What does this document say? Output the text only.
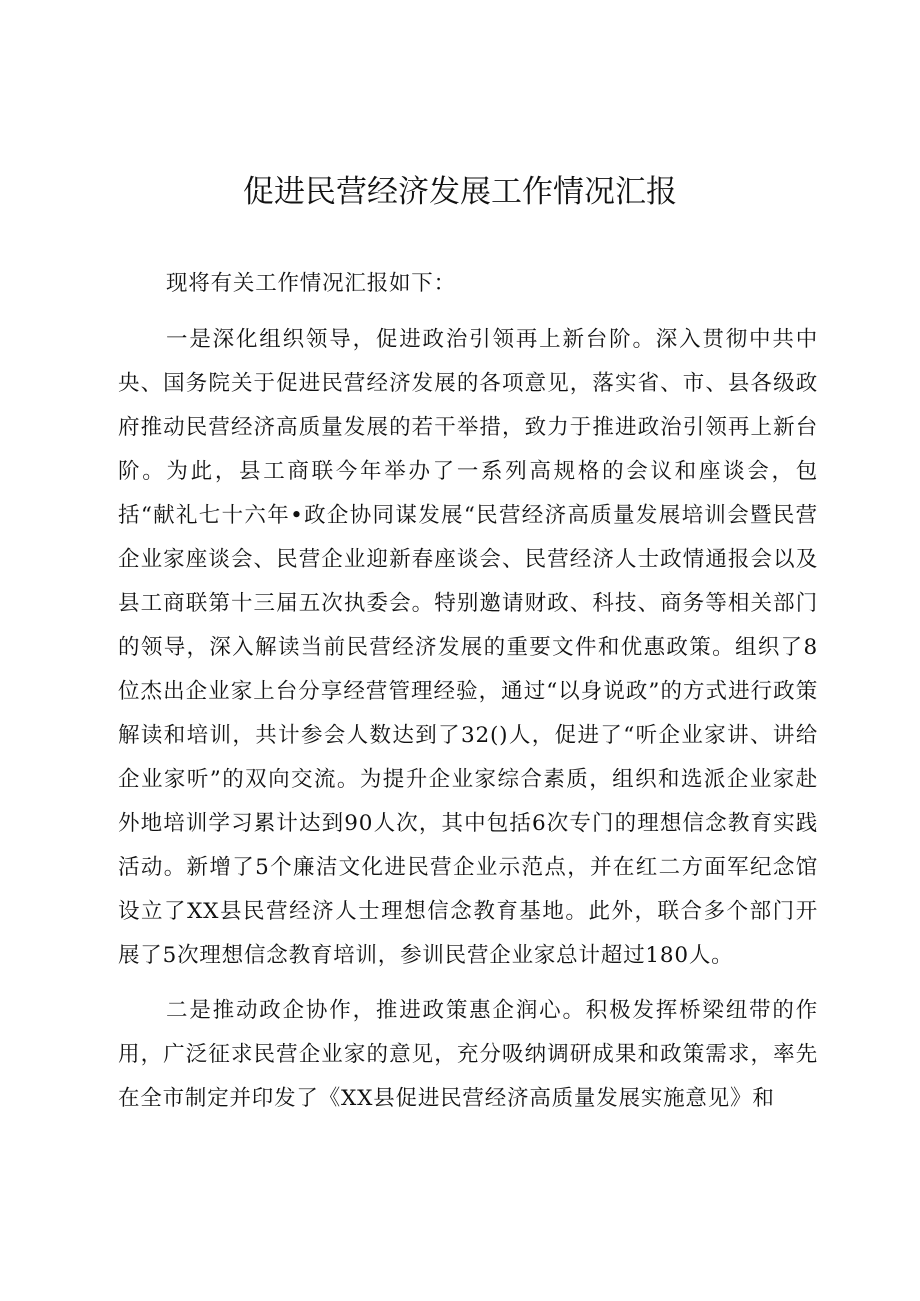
促进民营经济发展工作情况汇报

现将有关工作情况汇报如下：

一是深化组织领导，促进政治引领再上新台阶。深入贯彻中共中央、国务院关于促进民营经济发展的各项意见，落实省、市、县各级政府推动民营经济高质量发展的若干举措，致力于推进政治引领再上新台阶。为此，县工商联今年举办了一系列高规格的会议和座谈会，包括“献礼七十六年•政企协同谋发展“民营经济高质量发展培训会暨民营企业家座谈会、民营企业迎新春座谈会、民营经济人士政情通报会以及县工商联第十三届五次执委会。特别邀请财政、科技、商务等相关部门的领导，深入解读当前民营经济发展的重要文件和优惠政策。组织了8位杰出企业家上台分享经营管理经验，通过“以身说政”的方式进行政策解读和培训，共计参会人数达到了32()人，促进了“听企业家讲、讲给企业家听”的双向交流。为提升企业家综合素质，组织和选派企业家赴外地培训学习累计达到90人次，其中包括6次专门的理想信念教育实践活动。新增了5个廉洁文化进民营企业示范点，并在红二方面军纪念馆设立了XX县民营经济人士理想信念教育基地。此外，联合多个部门开展了5次理想信念教育培训，参训民营企业家总计超过180人。

二是推动政企协作，推进政策惠企润心。积极发挥桥梁纽带的作用，广泛征求民营企业家的意见，充分吸纳调研成果和政策需求，率先在全市制定并印发了《XX县促进民营经济高质量发展实施意见》和
